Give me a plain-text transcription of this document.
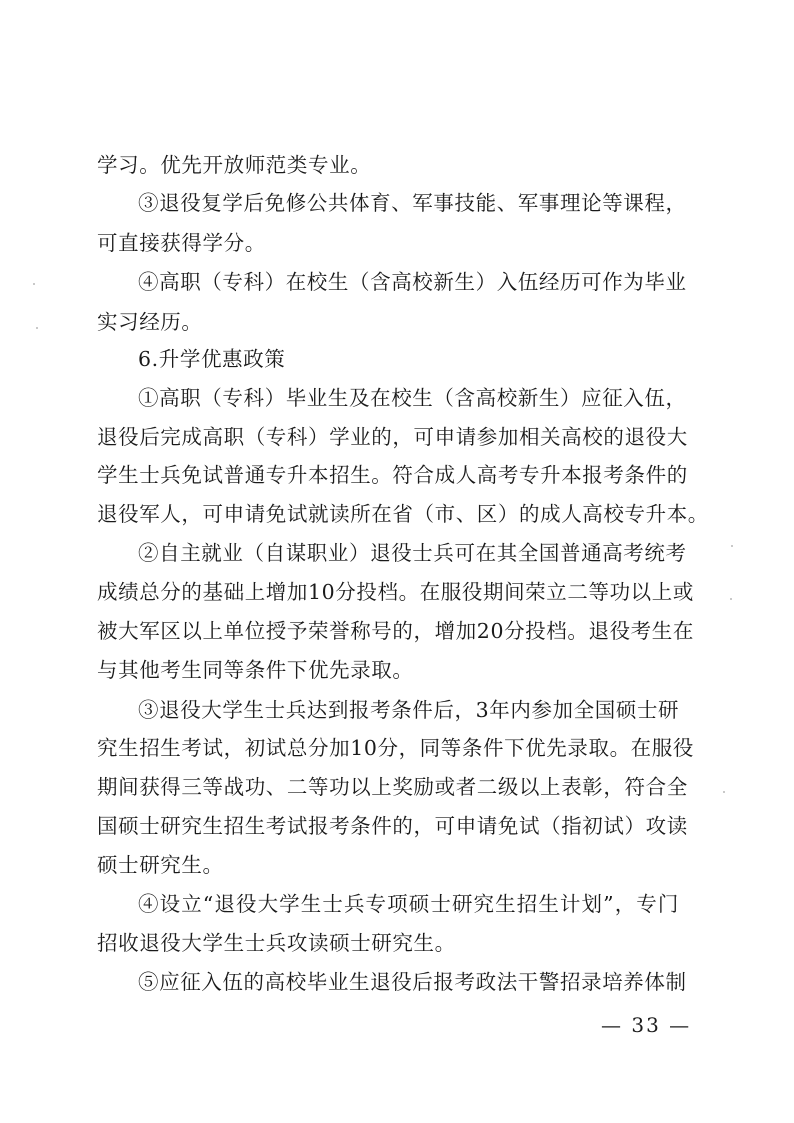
学习。优先开放师范类专业。
③退役复学后免修公共体育、军事技能、军事理论等课程，
可直接获得学分。
④高职（专科）在校生（含高校新生）入伍经历可作为毕业
实习经历。
6.升学优惠政策
①高职（专科）毕业生及在校生（含高校新生）应征入伍，
退役后完成高职（专科）学业的，可申请参加相关高校的退役大
学生士兵免试普通专升本招生。符合成人高考专升本报考条件的
退役军人，可申请免试就读所在省（市、区）的成人高校专升本。
②自主就业（自谋职业）退役士兵可在其全国普通高考统考
成绩总分的基础上增加10分投档。在服役期间荣立二等功以上或
被大军区以上单位授予荣誉称号的，增加20分投档。退役考生在
与其他考生同等条件下优先录取。
③退役大学生士兵达到报考条件后，3年内参加全国硕士研
究生招生考试，初试总分加10分，同等条件下优先录取。在服役
期间获得三等战功、二等功以上奖励或者二级以上表彰，符合全
国硕士研究生招生考试报考条件的，可申请免试（指初试）攻读
硕士研究生。
④设立“退役大学生士兵专项硕士研究生招生计划”，专门
招收退役大学生士兵攻读硕士研究生。
⑤应征入伍的高校毕业生退役后报考政法干警招录培养体制
— 33 —
